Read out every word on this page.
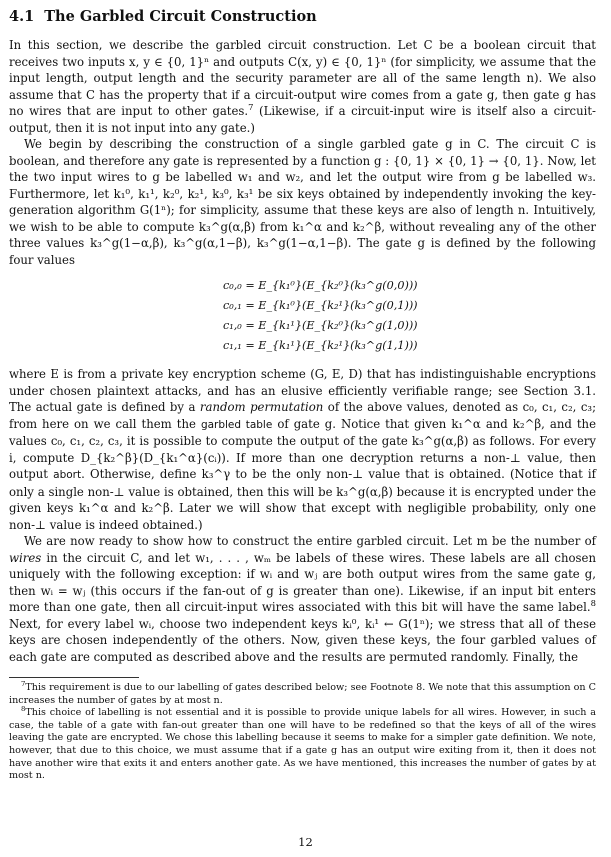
4.1 The Garbled Circuit Construction

In this section, we describe the garbled circuit construction. Let C be a boolean circuit that receives two inputs x, y ∈ {0, 1}ⁿ and outputs C(x, y) ∈ {0, 1}ⁿ (for simplicity, we assume that the input length, output length and the security parameter are all of the same length n). We also assume that C has the property that if a circuit-output wire comes from a gate g, then gate g has no wires that are input to other gates.$^7$ (Likewise, if a circuit-input wire is itself also a circuit-output, then it is not input into any gate.)

We begin by describing the construction of a single garbled gate g in C. The circuit C is boolean, and therefore any gate is represented by a function g : {0, 1} × {0, 1} → {0, 1}. Now, let the two input wires to g be labelled w₁ and w₂, and let the output wire from g be labelled w₃. Furthermore, let k₁⁰, k₁¹, k₂⁰, k₂¹, k₃⁰, k₃¹ be six keys obtained by independently invoking the key-generation algorithm G(1ⁿ); for simplicity, assume that these keys are also of length n. Intuitively, we wish to be able to compute k₃^g(α,β) from k₁^α and k₂^β, without revealing any of the other three values k₃^g(1−α,β), k₃^g(α,1−β), k₃^g(1−α,1−β). The gate g is defined by the following four values

c₀,₀ = E_{k₁⁰}(E_{k₂⁰}(k₃^g(0,0)))
c₀,₁ = E_{k₁⁰}(E_{k₂¹}(k₃^g(0,1)))
c₁,₀ = E_{k₁¹}(E_{k₂⁰}(k₃^g(1,0)))
c₁,₁ = E_{k₁¹}(E_{k₂¹}(k₃^g(1,1)))

where E is from a private key encryption scheme (G, E, D) that has indistinguishable encryptions under chosen plaintext attacks, and has an elusive efficiently verifiable range; see Section 3.1. The actual gate is defined by a random permutation of the above values, denoted as c₀, c₁, c₂, c₃; from here on we call them the garbled table of gate g. Notice that given k₁^α and k₂^β, and the values c₀, c₁, c₂, c₃, it is possible to compute the output of the gate k₃^g(α,β) as follows. For every i, compute D_{k₂^β}(D_{k₁^α}(cᵢ)). If more than one decryption returns a non-⊥ value, then output abort. Otherwise, define k₃^γ to be the only non-⊥ value that is obtained. (Notice that if only a single non-⊥ value is obtained, then this will be k₃^g(α,β) because it is encrypted under the given keys k₁^α and k₂^β. Later we will show that except with negligible probability, only one non-⊥ value is indeed obtained.)

We are now ready to show how to construct the entire garbled circuit. Let m be the number of wires in the circuit C, and let w₁, . . . , wₘ be labels of these wires. These labels are all chosen uniquely with the following exception: if wᵢ and wⱼ are both output wires from the same gate g, then wᵢ = wⱼ (this occurs if the fan-out of g is greater than one). Likewise, if an input bit enters more than one gate, then all circuit-input wires associated with this bit will have the same label.$^8$ Next, for every label wᵢ, choose two independent keys kᵢ⁰, kᵢ¹ ← G(1ⁿ); we stress that all of these keys are chosen independently of the others. Now, given these keys, the four garbled values of each gate are computed as described above and the results are permuted randomly. Finally, the

$^7$This requirement is due to our labelling of gates described below; see Footnote 8. We note that this assumption on C increases the number of gates by at most n.

$^8$This choice of labelling is not essential and it is possible to provide unique labels for all wires. However, in such a case, the table of a gate with fan-out greater than one will have to be redefined so that the keys of all of the wires leaving the gate are encrypted. We chose this labelling because it seems to make for a simpler gate definition. We note, however, that due to this choice, we must assume that if a gate g has an output wire exiting from it, then it does not have another wire that exits it and enters another gate. As we have mentioned, this increases the number of gates by at most n.

12
